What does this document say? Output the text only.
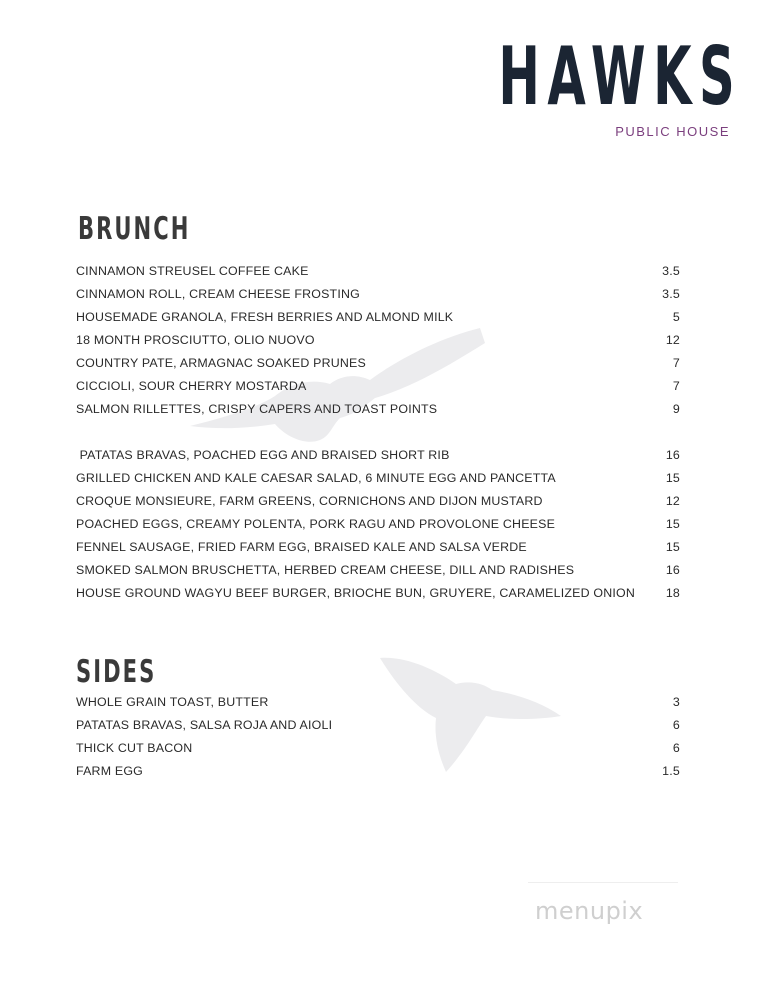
HAWKS
PUBLIC HOUSE
BRUNCH
CINNAMON STREUSEL COFFEE CAKE	3.5
CINNAMON ROLL, CREAM CHEESE FROSTING	3.5
HOUSEMADE GRANOLA, FRESH BERRIES AND ALMOND MILK	5
18 MONTH PROSCIUTTO, OLIO NUOVO	12
COUNTRY PATE, ARMAGNAC SOAKED PRUNES	7
CICCIOLI, SOUR CHERRY MOSTARDA	7
SALMON RILLETTES, CRISPY CAPERS AND TOAST POINTS	9
PATATAS BRAVAS, POACHED EGG AND BRAISED SHORT RIB	16
GRILLED CHICKEN AND KALE CAESAR SALAD, 6 MINUTE EGG AND PANCETTA	15
CROQUE MONSIEURE, FARM GREENS, CORNICHONS AND DIJON MUSTARD	12
POACHED EGGS, CREAMY POLENTA, PORK RAGU AND PROVOLONE CHEESE	15
FENNEL SAUSAGE, FRIED FARM EGG, BRAISED KALE AND SALSA VERDE	15
SMOKED SALMON BRUSCHETTA, HERBED CREAM CHEESE, DILL AND RADISHES	16
HOUSE GROUND WAGYU BEEF BURGER, BRIOCHE BUN, GRUYERE, CARAMELIZED ONION 18
SIDES
WHOLE GRAIN TOAST, BUTTER	3
PATATAS BRAVAS, SALSA ROJA AND AIOLI	6
THICK CUT BACON	6
FARM EGG	1.5
menupix
